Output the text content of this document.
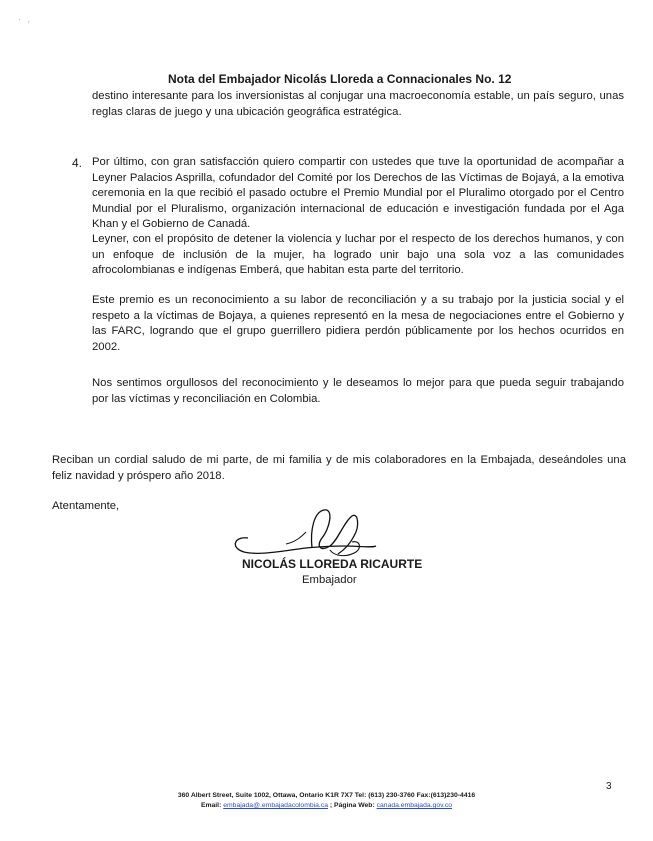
· ,
Nota del Embajador Nicolás Lloreda a Connacionales No. 12

destino interesante para los inversionistas al conjugar una macroeconomía estable, un país seguro, unas reglas claras de juego y una ubicación geográfica estratégica.

4. Por último, con gran satisfacción quiero compartir con ustedes que tuve la oportunidad de acompañar a Leyner Palacios Asprilla, cofundador del Comité por los Derechos de las Víctimas de Bojayá, a la emotiva ceremonia en la que recibió el pasado octubre el Premio Mundial por el Pluralimo otorgado por el Centro Mundial por el Pluralismo, organización internacional de educación e investigación fundada por el Aga Khan y el Gobierno de Canadá.

Leyner, con el propósito de detener la violencia y luchar por el respecto de los derechos humanos, y con un enfoque de inclusión de la mujer, ha logrado unir bajo una sola voz a las comunidades afrocolombianas e indígenas Emberá, que habitan esta parte del territorio.

Este premio es un reconocimiento a su labor de reconciliación y a su trabajo por la justicia social y el respeto a la víctimas de Bojaya, a quienes representó en la mesa de negociaciones entre el Gobierno y las FARC, logrando que el grupo guerrillero pidiera perdón públicamente por los hechos ocurridos en 2002.

Nos sentimos orgullosos del reconocimiento y le deseamos lo mejor para que pueda seguir trabajando por las víctimas y reconciliación en Colombia.

Reciban un cordial saludo de mi parte, de mi familia y de mis colaboradores en la Embajada, deseándoles una feliz navidad y próspero año 2018.

Atentamente,

NICOLÁS LLOREDA RICAURTE
Embajador
3
360 Albert Street, Suite 1002, Ottawa, Ontario K1R 7X7 Tel: (613) 230-3760 Fax:(613)230-4416
Email: embajada@.embajadacolombia.ca ; Página Web: canada.embajada.gov.co
